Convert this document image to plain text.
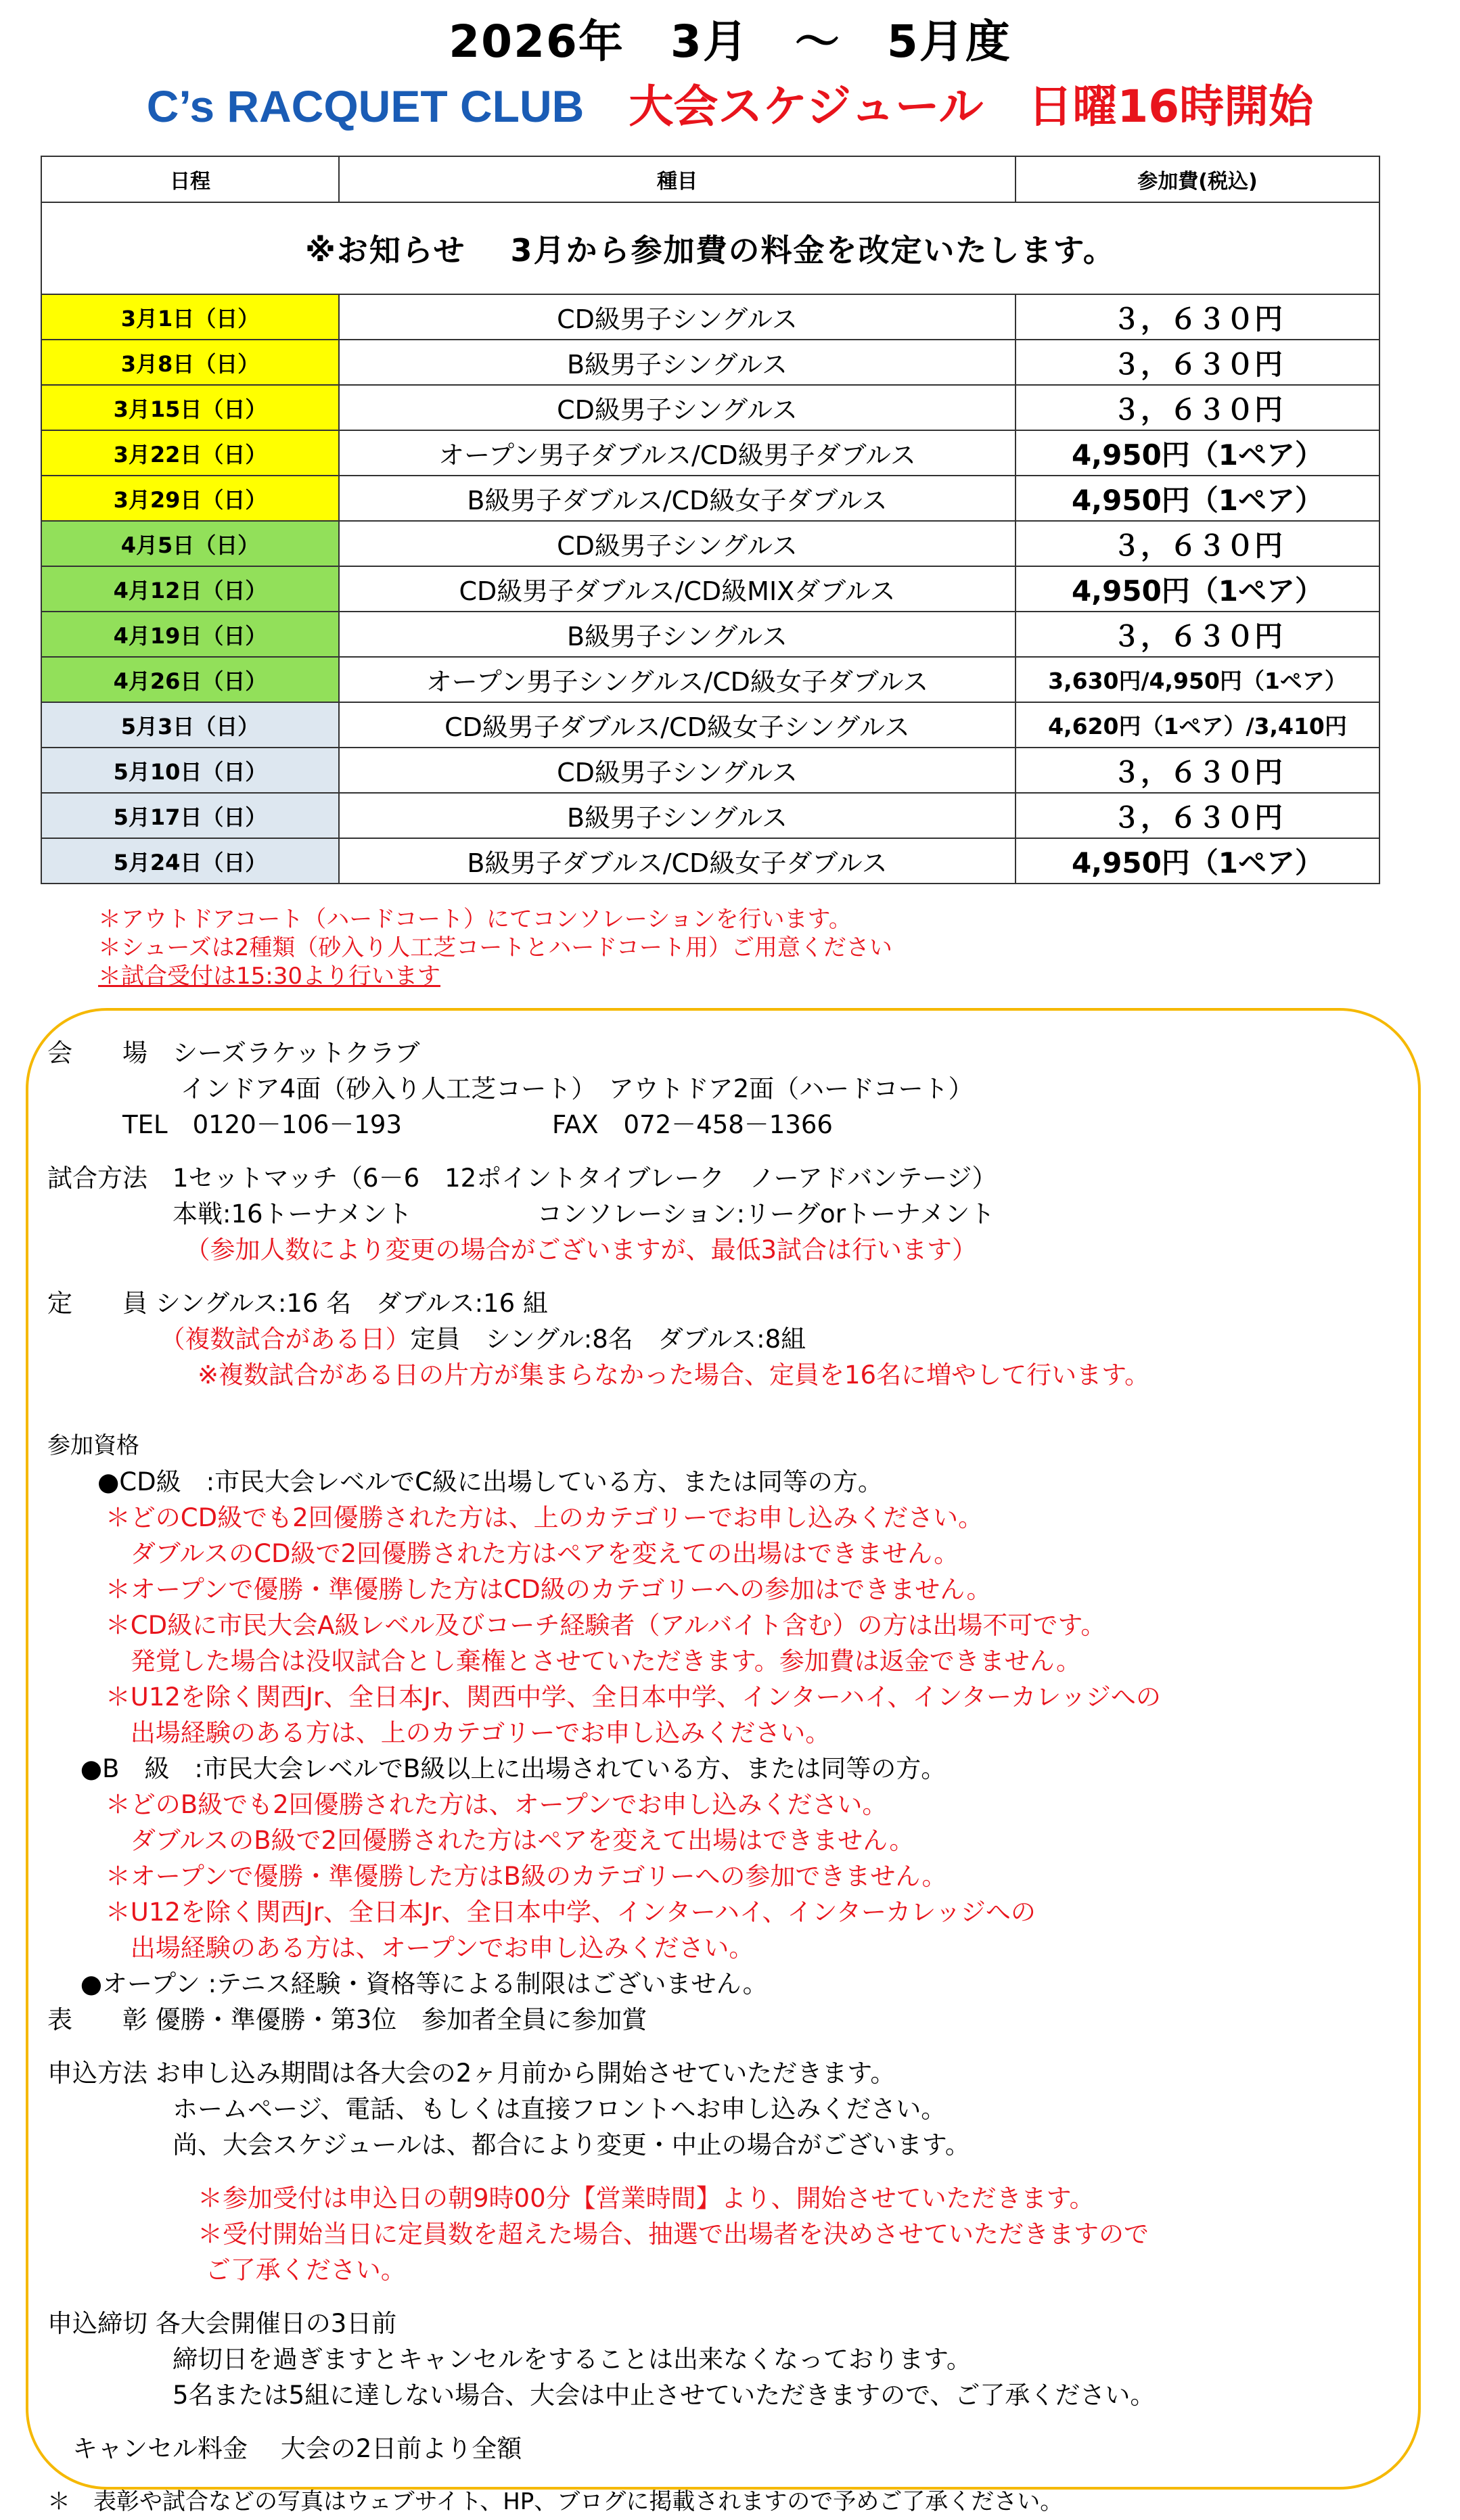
2026年　3月　～　5月度
C’s RACQUET CLUB　 大会スケジュール　日曜16時開始
日程	種目	参加費(税込)
※お知らせ　 3月から参加費の料金を改定いたします。		
3月1日（日）	CD級男子シングルス	３，６３０円
3月8日（日）	B級男子シングルス	３，６３０円
3月15日（日）	CD級男子シングルス	３，６３０円
3月22日（日）	オープン男子ダブルス/CD級男子ダブルス	4,950円（1ペア）
3月29日（日）	B級男子ダブルス/CD級女子ダブルス	4,950円（1ペア）
4月5日（日）	CD級男子シングルス	３，６３０円
4月12日（日）	CD級男子ダブルス/CD級MIXダブルス	4,950円（1ペア）
4月19日（日）	B級男子シングルス	３，６３０円
4月26日（日）	オープン男子シングルス/CD級女子ダブルス	3,630円/4,950円（1ペア）
5月3日（日）	CD級男子ダブルス/CD級女子シングルス	4,620円（1ペア）/3,410円
5月10日（日）	CD級男子シングルス	３，６３０円
5月17日（日）	B級男子シングルス	３，６３０円
5月24日（日）	B級男子ダブルス/CD級女子ダブルス	4,950円（1ペア）
＊アウトドアコート（ハードコート）にてコンソレーションを行います。
＊シューズは2種類（砂入り人工芝コートとハードコート用）ご用意ください
＊試合受付は15:30より行います
会　　場　シーズラケットクラブ
　　　　　 インドア4面（砂入り人工芝コート）　アウトドア2面（ハードコート）
　　　TEL　0120－106－193　　　　　　FAX　072－458－1366
試合方法　1セットマッチ（6－6　12ポイントタイブレーク　ノーアドバンテージ）
　　　　　本戦:16トーナメント　　　　　コンソレーション:リーグorトーナメント
　　　　　　（参加人数により変更の場合がございますが、最低3試合は行います）
定　　員 シングルス:16 名　ダブルス:16 組
　　　　　（複数試合がある日）定員　シングル:8名　ダブルス:8組
　　　　　　※複数試合がある日の片方が集まらなかった場合、定員を16名に増やして行います。
参加資格
　　●CD級　:市民大会レベルでC級に出場している方、または同等の方。
　　 ＊どのCD級でも2回優勝された方は、上のカテゴリーでお申し込みください。
　　　 ダブルスのCD級で2回優勝された方はペアを変えての出場はできません。
　　 ＊オープンで優勝・準優勝した方はCD級のカテゴリーへの参加はできません。
　　 ＊CD級に市民大会A級レベル及びコーチ経験者（アルバイト含む）の方は出場不可です。
　　　 発覚した場合は没収試合とし棄権とさせていただきます。参加費は返金できません。
　　 ＊U12を除く関西Jr、全日本Jr、関西中学、全日本中学、インターハイ、インターカレッジへの
　　　 出場経験のある方は、上のカテゴリーでお申し込みください。
　 ●B　級　:市民大会レベルでB級以上に出場されている方、または同等の方。
　　 ＊どのB級でも2回優勝された方は、オープンでお申し込みください。
　　　 ダブルスのB級で2回優勝された方はペアを変えて出場はできません。
　　 ＊オープンで優勝・準優勝した方はB級のカテゴリーへの参加できません。
　　 ＊U12を除く関西Jr、全日本Jr、全日本中学、インターハイ、インターカレッジへの
　　　 出場経験のある方は、オープンでお申し込みください。
　 ●オープン :テニス経験・資格等による制限はございません。
表　　彰 優勝・準優勝・第3位　参加者全員に参加賞
申込方法 お申し込み期間は各大会の2ヶ月前から開始させていただきます。
　　　　　ホームページ、電話、もしくは直接フロントへお申し込みください。
　　　　　尚、大会スケジュールは、都合により変更・中止の場合がございます。
　　　　　　＊参加受付は申込日の朝9時00分【営業時間】より、開始させていただきます。
　　　　　　＊受付開始当日に定員数を超えた場合、抽選で出場者を決めさせていただきますので
　　　　　　 ご了承ください。
申込締切 各大会開催日の3日前
　　　　　締切日を過ぎますとキャンセルをすることは出来なくなっております。
　　　　　5名または5組に達しない場合、大会は中止させていただきますので、ご了承ください。
　キャンセル料金　 大会の2日前より全額
＊　表彰や試合などの写真はウェブサイト、HP、ブログに掲載されますので予めご了承ください。
